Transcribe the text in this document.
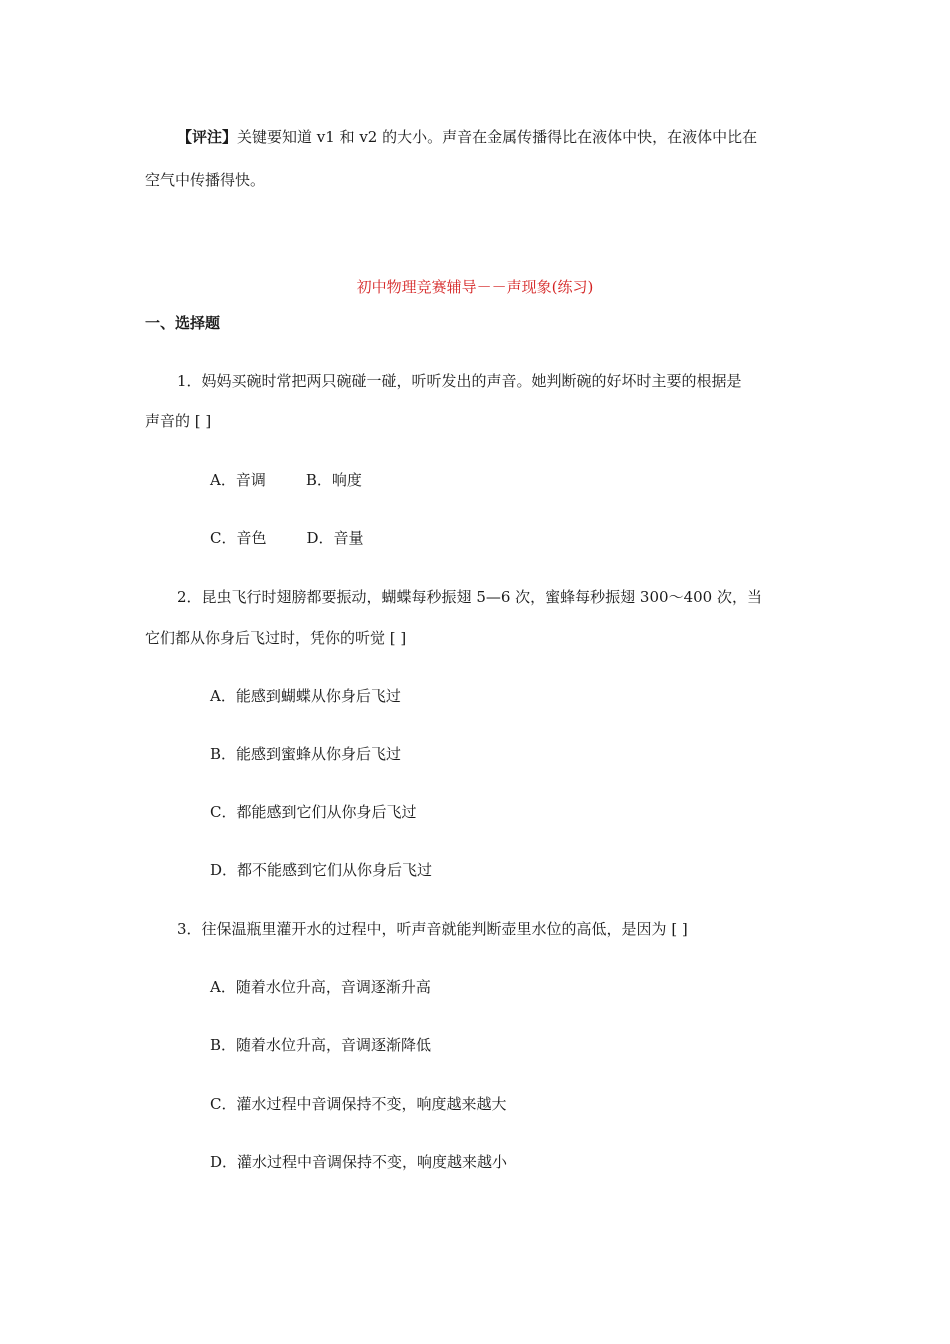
【评注】关键要知道 v1 和 v2 的大小。声音在金属传播得比在液体中快，在液体中比在
空气中传播得快。
初中物理竞赛辅导－－声现象(练习)
一、选择题
1．妈妈买碗时常把两只碗碰一碰，听听发出的声音。她判断碗的好坏时主要的根据是
声音的 [ ]
A．音调	B．响度
C．音色	D．音量
2．昆虫飞行时翅膀都要振动，蝴蝶每秒振翅 5—6 次，蜜蜂每秒振翅 300～400 次，当
它们都从你身后飞过时，凭你的听觉 [ ]
A．能感到蝴蝶从你身后飞过
B．能感到蜜蜂从你身后飞过
C．都能感到它们从你身后飞过
D．都不能感到它们从你身后飞过
3．往保温瓶里灌开水的过程中，听声音就能判断壶里水位的高低，是因为 [ ]
A．随着水位升高，音调逐渐升高
B．随着水位升高，音调逐渐降低
C．灌水过程中音调保持不变，响度越来越大
D．灌水过程中音调保持不变，响度越来越小
